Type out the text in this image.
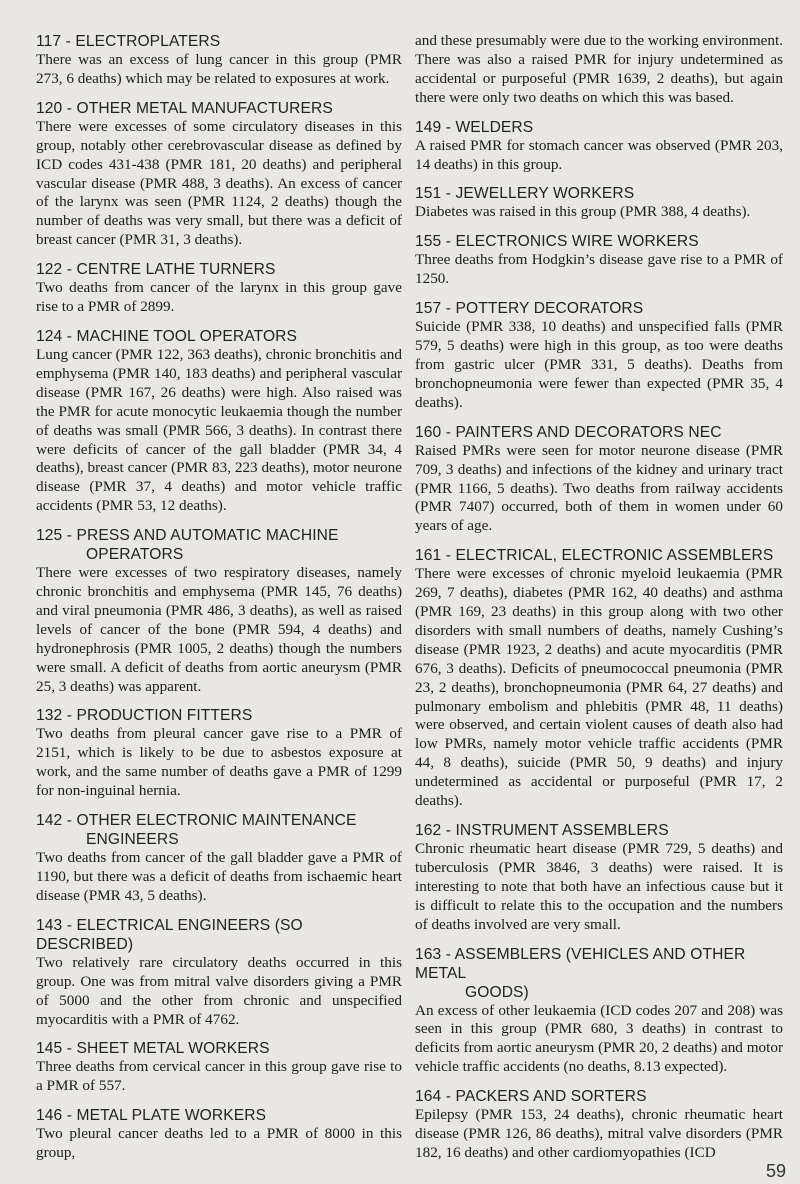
117 - ELECTROPLATERS

There was an excess of lung cancer in this group (PMR 273, 6 deaths) which may be related to exposures at work.

120 - OTHER METAL MANUFACTURERS

There were excesses of some circulatory diseases in this group, notably other cerebrovascular disease as defined by ICD codes 431-438 (PMR 181, 20 deaths) and peripheral vascular disease (PMR 488, 3 deaths). An excess of cancer of the larynx was seen (PMR 1124, 2 deaths) though the number of deaths was very small, but there was a deficit of breast cancer (PMR 31, 3 deaths).

122 - CENTRE LATHE TURNERS

Two deaths from cancer of the larynx in this group gave rise to a PMR of 2899.

124 - MACHINE TOOL OPERATORS

Lung cancer (PMR 122, 363 deaths), chronic bronchitis and emphysema (PMR 140, 183 deaths) and peripheral vascular disease (PMR 167, 26 deaths) were high. Also raised was the PMR for acute monocytic leukaemia though the number of deaths was small (PMR 566, 3 deaths). In contrast there were deficits of cancer of the gall bladder (PMR 34, 4 deaths), breast cancer (PMR 83, 223 deaths), motor neurone disease (PMR 37, 4 deaths) and motor vehicle traffic accidents (PMR 53, 12 deaths).

125 - PRESS AND AUTOMATIC MACHINE
OPERATORS

There were excesses of two respiratory diseases, namely chronic bronchitis and emphysema (PMR 145, 76 deaths) and viral pneumonia (PMR 486, 3 deaths), as well as raised levels of cancer of the bone (PMR 594, 4 deaths) and hydronephrosis (PMR 1005, 2 deaths) though the numbers were small. A deficit of deaths from aortic aneurysm (PMR 25, 3 deaths) was apparent.

132 - PRODUCTION FITTERS

Two deaths from pleural cancer gave rise to a PMR of 2151, which is likely to be due to asbestos exposure at work, and the same number of deaths gave a PMR of 1299 for non-inguinal hernia.

142 - OTHER ELECTRONIC MAINTENANCE
ENGINEERS

Two deaths from cancer of the gall bladder gave a PMR of 1190, but there was a deficit of deaths from ischaemic heart disease (PMR 43, 5 deaths).

143 - ELECTRICAL ENGINEERS (SO DESCRIBED)

Two relatively rare circulatory deaths occurred in this group. One was from mitral valve disorders giving a PMR of 5000 and the other from chronic and unspecified myocarditis with a PMR of 4762.

145 - SHEET METAL WORKERS

Three deaths from cervical cancer in this group gave rise to a PMR of 557.

146 - METAL PLATE WORKERS

Two pleural cancer deaths led to a PMR of 8000 in this group,

and these presumably were due to the working environment. There was also a raised PMR for injury undetermined as accidental or purposeful (PMR 1639, 2 deaths), but again there were only two deaths on which this was based.

149 - WELDERS

A raised PMR for stomach cancer was observed (PMR 203, 14 deaths) in this group.

151 - JEWELLERY WORKERS

Diabetes was raised in this group (PMR 388, 4 deaths).

155 - ELECTRONICS WIRE WORKERS

Three deaths from Hodgkin’s disease gave rise to a PMR of 1250.

157 - POTTERY DECORATORS

Suicide (PMR 338, 10 deaths) and unspecified falls (PMR 579, 5 deaths) were high in this group, as too were deaths from gastric ulcer (PMR 331, 5 deaths). Deaths from bronchopneumonia were fewer than expected (PMR 35, 4 deaths).

160 - PAINTERS AND DECORATORS NEC

Raised PMRs were seen for motor neurone disease (PMR 709, 3 deaths) and infections of the kidney and urinary tract (PMR 1166, 5 deaths). Two deaths from railway accidents (PMR 7407) occurred, both of them in women under 60 years of age.

161 - ELECTRICAL, ELECTRONIC ASSEMBLERS

There were excesses of chronic myeloid leukaemia (PMR 269, 7 deaths), diabetes (PMR 162, 40 deaths) and asthma (PMR 169, 23 deaths) in this group along with two other disorders with small numbers of deaths, namely Cushing’s disease (PMR 1923, 2 deaths) and acute myocarditis (PMR 676, 3 deaths). Deficits of pneumococcal pneumonia (PMR 23, 2 deaths), bronchopneumonia (PMR 64, 27 deaths) and pulmonary embolism and phlebitis (PMR 48, 11 deaths) were observed, and certain violent causes of death also had low PMRs, namely motor vehicle traffic accidents (PMR 44, 8 deaths), suicide (PMR 50, 9 deaths) and injury undetermined as accidental or purposeful (PMR 17, 2 deaths).

162 - INSTRUMENT ASSEMBLERS

Chronic rheumatic heart disease (PMR 729, 5 deaths) and tuberculosis (PMR 3846, 3 deaths) were raised. It is interesting to note that both have an infectious cause but it is difficult to relate this to the occupation and the numbers of deaths involved are very small.

163 - ASSEMBLERS (VEHICLES AND OTHER METAL
GOODS)

An excess of other leukaemia (ICD codes 207 and 208) was seen in this group (PMR 680, 3 deaths) in contrast to deficits from aortic aneurysm (PMR 20, 2 deaths) and motor vehicle traffic accidents (no deaths, 8.13 expected).

164 - PACKERS AND SORTERS

Epilepsy (PMR 153, 24 deaths), chronic rheumatic heart disease (PMR 126, 86 deaths), mitral valve disorders (PMR 182, 16 deaths) and other cardiomyopathies (ICD

59
